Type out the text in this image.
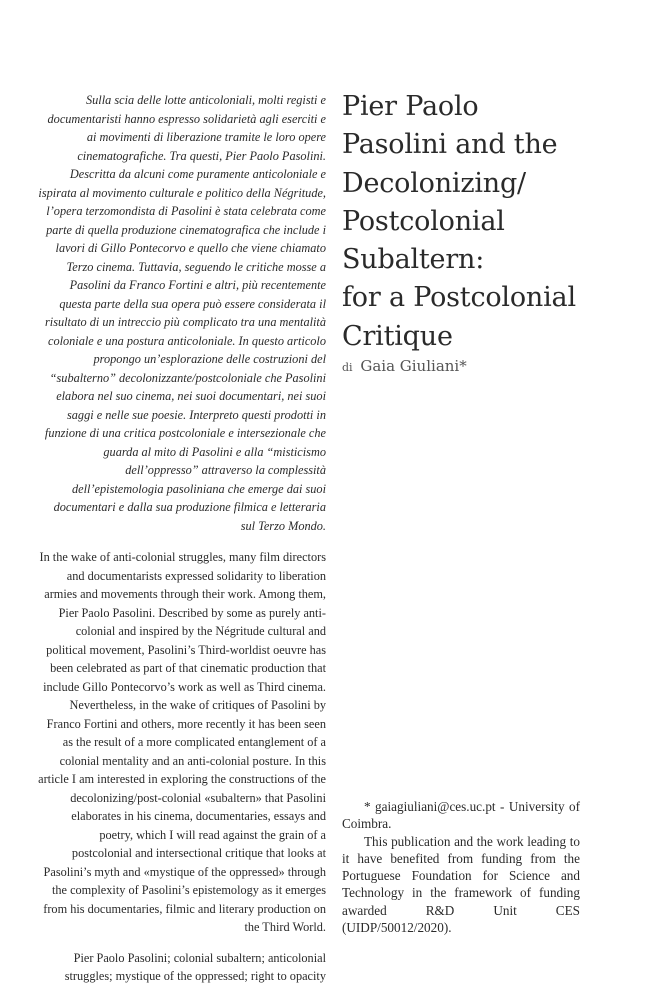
Sulla scia delle lotte anticoloniali, molti registi e documentaristi hanno espresso solidarietà agli eserciti e ai movimenti di liberazione tramite le loro opere cinematografiche. Tra questi, Pier Paolo Pasolini. Descritta da alcuni come puramente anticoloniale e ispirata al movimento culturale e politico della Négritude, l’opera terzomondista di Pasolini è stata celebrata come parte di quella produzione cinematografica che include i lavori di Gillo Pontecorvo e quello che viene chiamato Terzo cinema. Tuttavia, seguendo le critiche mosse a Pasolini da Franco Fortini e altri, più recentemente questa parte della sua opera può essere considerata il risultato di un intreccio più complicato tra una mentalità coloniale e una postura anticoloniale. In questo articolo propongo un’esplorazione delle costruzioni del “subalterno” decolonizzante/postcoloniale che Pasolini elabora nel suo cinema, nei suoi documentari, nei suoi saggi e nelle sue poesie. Interpreto questi prodotti in funzione di una critica postcoloniale e intersezionale che guarda al mito di Pasolini e alla “misticismo dell’oppresso” attraverso la complessità dell’epistemologia pasoliniana che emerge dai suoi documentari e dalla sua produzione filmica e letteraria sul Terzo Mondo.

In the wake of anti-colonial struggles, many film directors and documentarists expressed solidarity to liberation armies and movements through their work. Among them, Pier Paolo Pasolini. Described by some as purely anti-colonial and inspired by the Négritude cultural and political movement, Pasolini’s Third-worldist oeuvre has been celebrated as part of that cinematic production that include Gillo Pontecorvo’s work as well as Third cinema. Nevertheless, in the wake of critiques of Pasolini by Franco Fortini and others, more recently it has been seen as the result of a more complicated entanglement of a colonial mentality and an anti-colonial posture. In this article I am interested in exploring the constructions of the decolonizing/post-colonial «subaltern» that Pasolini elaborates in his cinema, documentaries, essays and poetry, which I will read against the grain of a postcolonial and intersectional critique that looks at Pasolini’s myth and «mystique of the oppressed» through the complexity of Pasolini’s epistemology as it emerges from his documentaries, filmic and literary production on the Third World.

Pier Paolo Pasolini; colonial subaltern; anticolonial struggles; mystique of the oppressed; right to opacity

Pier Paolo
Pasolini and the
Decolonizing/
Postcolonial
Subaltern:
for a Postcolonial
Critique
di Gaia Giuliani*

* gaiagiuliani@ces.uc.pt - University of Coimbra.

This publication and the work leading to it have benefited from funding from the Portuguese Foundation for Science and Technology in the framework of funding awarded R&D Unit CES (UIDP/50012/2020).
